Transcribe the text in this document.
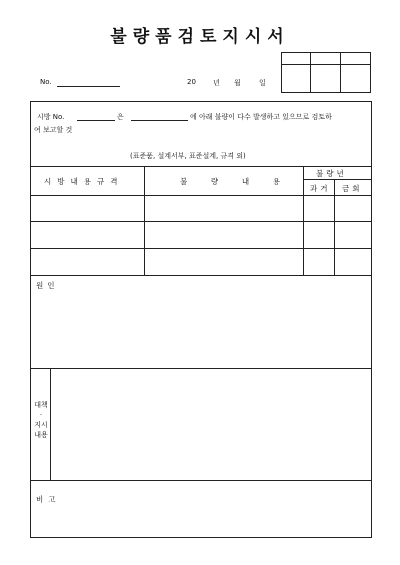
불량품검토지시서
No.	20 년 월	일
시방 No.	은	에 아래 불량이 다수 발생하고 있으므로 검토하
여 보고할 것
(표준품, 설계서부, 표준설계, 규격 외)
시방내용규격	불	량	내	용
불량년
과거 금회
원인
대책
·
지시
내용
비고
